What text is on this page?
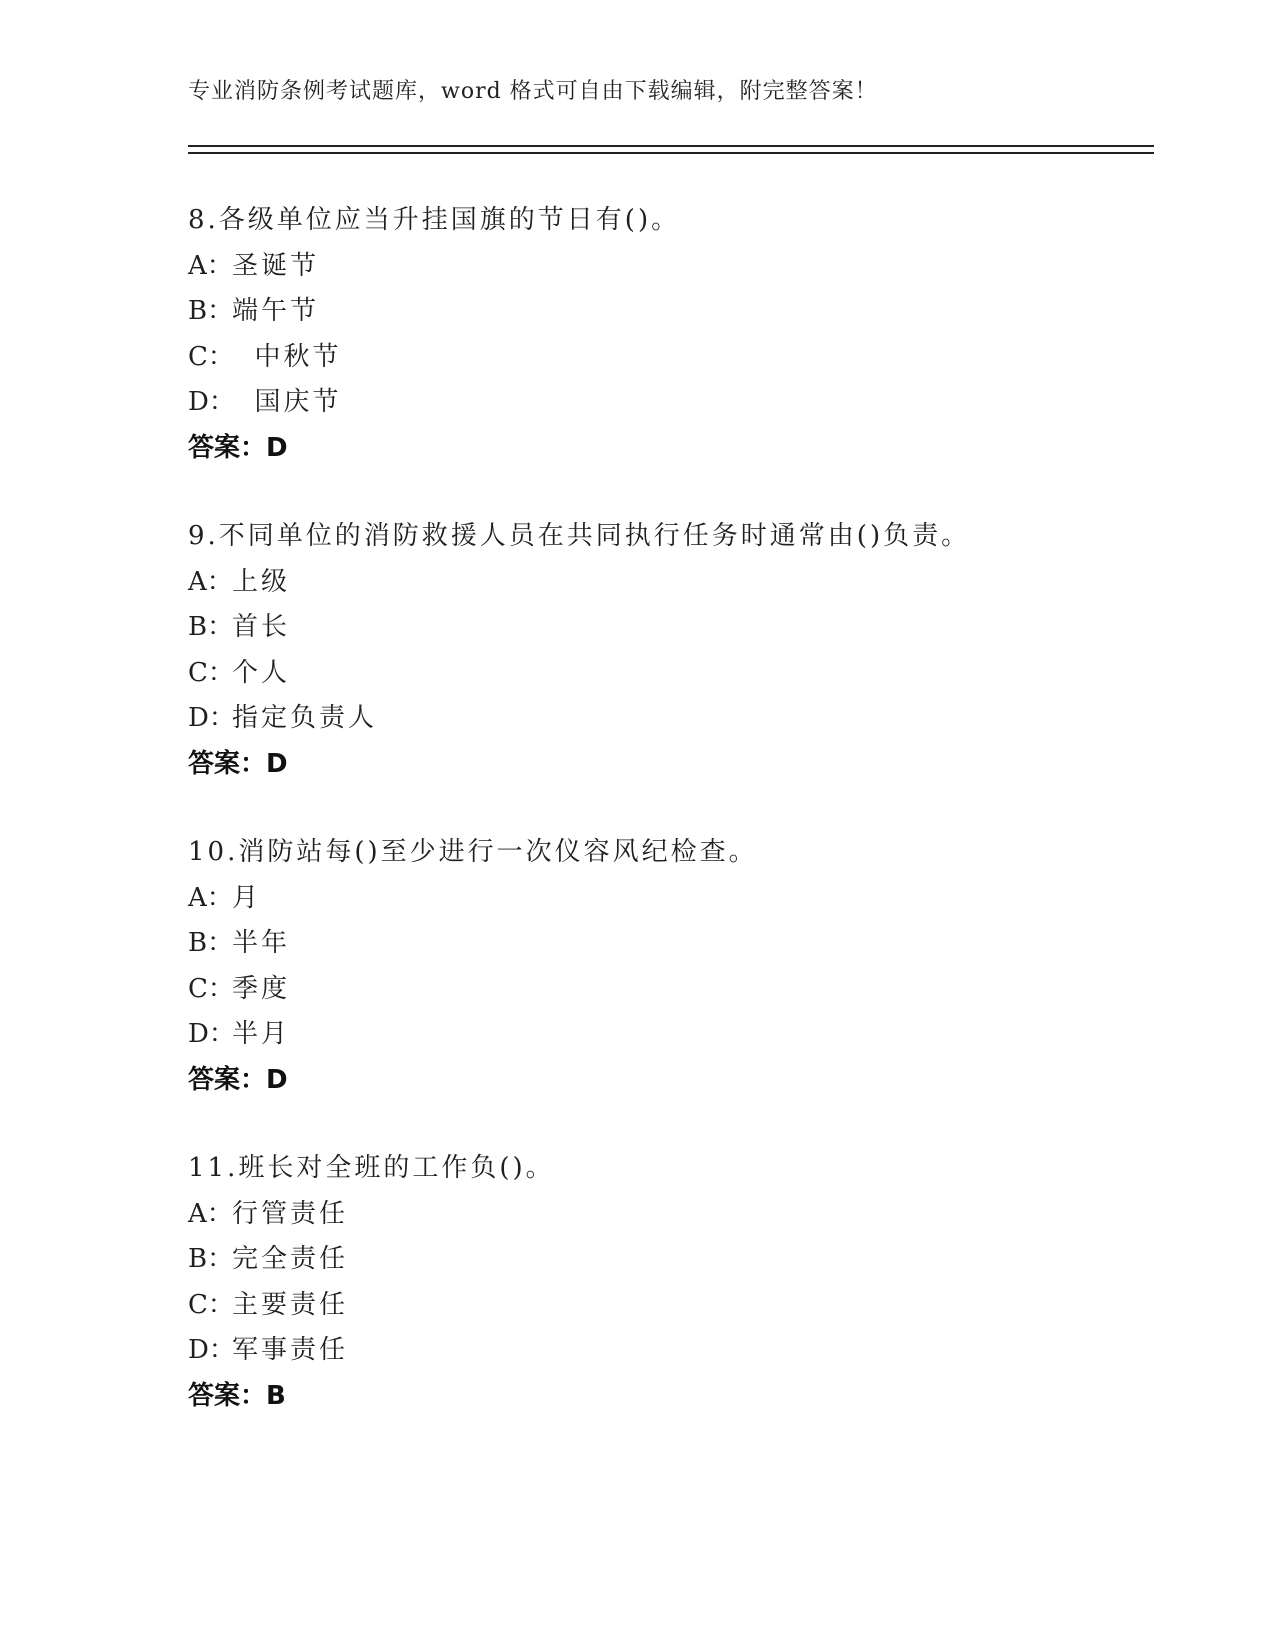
专业消防条例考试题库，word 格式可自由下载编辑，附完整答案！
8.各级单位应当升挂国旗的节日有()。
A：圣诞节
B：端午节
C：  中秋节
D：  国庆节
答案：D
9.不同单位的消防救援人员在共同执行任务时通常由()负责。
A：上级
B：首长
C：个人
D：指定负责人
答案：D
10.消防站每()至少进行一次仪容风纪检查。
A：月
B：半年
C：季度
D：半月
答案：D
11.班长对全班的工作负()。
A：行管责任
B：完全责任
C：主要责任
D：军事责任
答案：B
